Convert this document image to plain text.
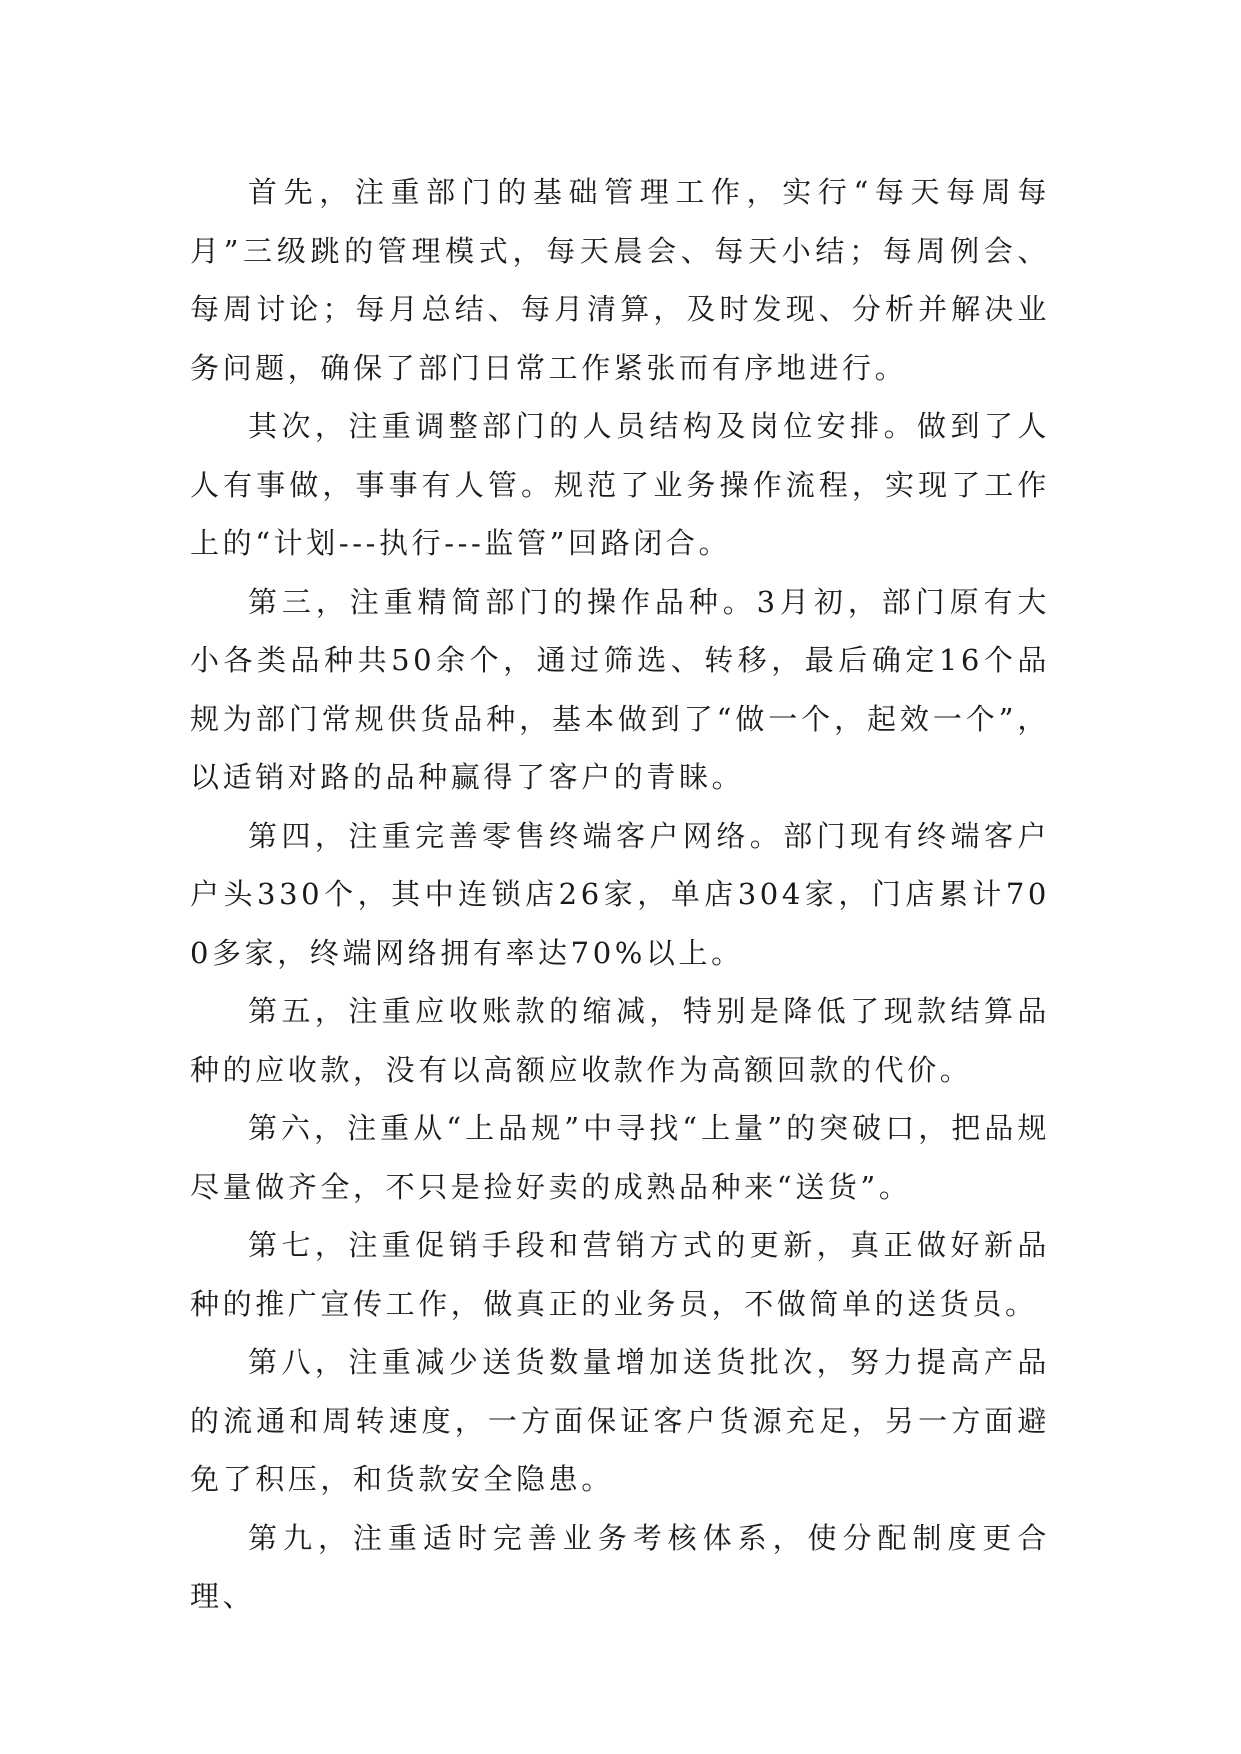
首先，注重部门的基础管理工作，实行“每天每周每月”三级跳的管理模式，每天晨会、每天小结；每周例会、每周讨论；每月总结、每月清算，及时发现、分析并解决业务问题，确保了部门日常工作紧张而有序地进行。

其次，注重调整部门的人员结构及岗位安排。做到了人人有事做，事事有人管。规范了业务操作流程，实现了工作上的“计划---执行---监管”回路闭合。

第三，注重精简部门的操作品种。3月初，部门原有大小各类品种共50余个，通过筛选、转移，最后确定16个品规为部门常规供货品种，基本做到了“做一个，起效一个”，以适销对路的品种赢得了客户的青睐。

第四，注重完善零售终端客户网络。部门现有终端客户户头330个，其中连锁店26家，单店304家，门店累计700多家，终端网络拥有率达70%以上。

第五，注重应收账款的缩减，特别是降低了现款结算品种的应收款，没有以高额应收款作为高额回款的代价。

第六，注重从“上品规”中寻找“上量”的突破口，把品规尽量做齐全，不只是捡好卖的成熟品种来“送货”。

第七，注重促销手段和营销方式的更新，真正做好新品种的推广宣传工作，做真正的业务员，不做简单的送货员。

第八，注重减少送货数量增加送货批次，努力提高产品的流通和周转速度，一方面保证客户货源充足，另一方面避免了积压，和货款安全隐患。

第九，注重适时完善业务考核体系，使分配制度更合理、
